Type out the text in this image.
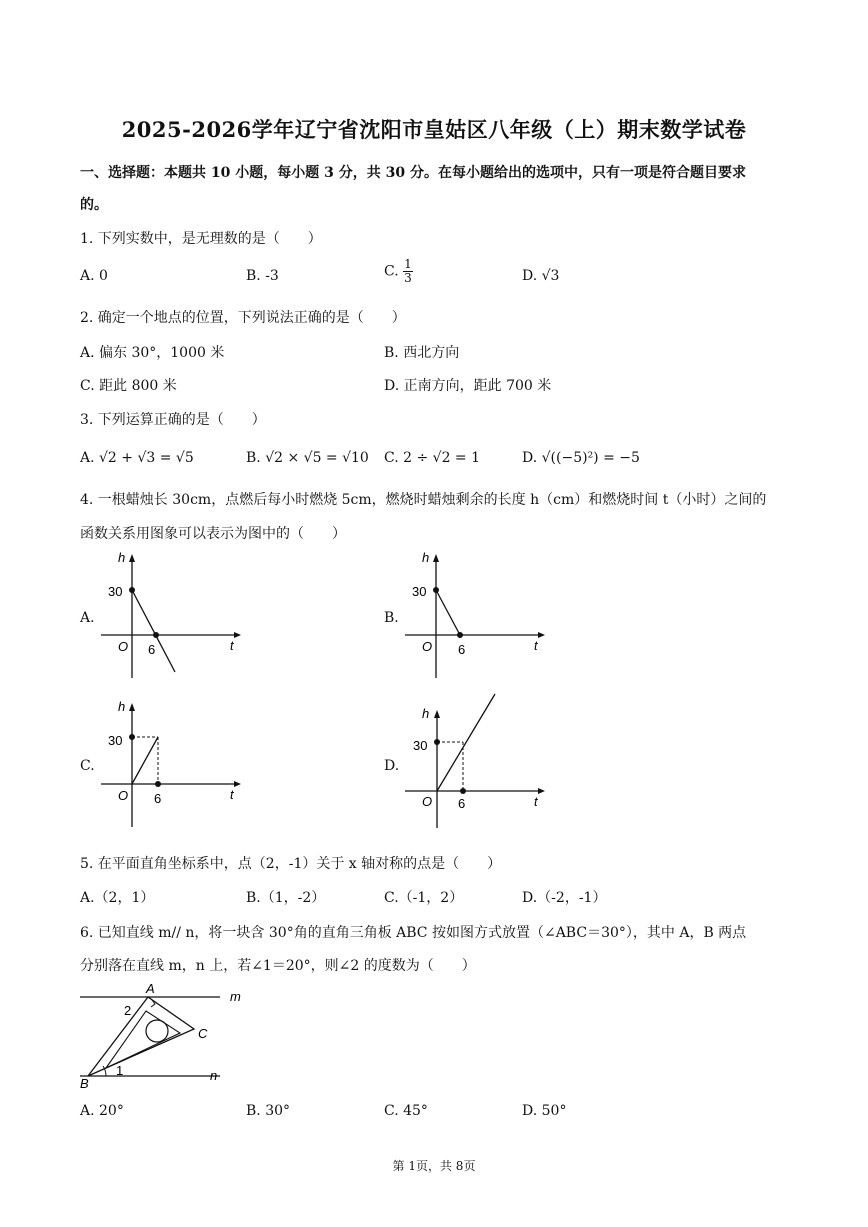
2025-2026学年辽宁省沈阳市皇姑区八年级（上）期末数学试卷
一、选择题：本题共 10 小题，每小题 3 分，共 30 分。在每小题给出的选项中，只有一项是符合题目要求
的。
1. 下列实数中，是无理数的是（　　）
A. 0	B. -3	C. $\frac{1}{3}$	D. √3
2. 确定一个地点的位置，下列说法正确的是（　　）
A. 偏东 30°，1000 米	B. 西北方向
C. 距此 800 米	D. 正南方向，距此 700 米
3. 下列运算正确的是（　　）
A. √2 + √3 = √5	B. √2 × √5 = √10 C. 2 ÷ √2 = 1	D. √((−5)²) = −5
4. 一根蜡烛长 30cm，点燃后每小时燃烧 5cm，燃烧时蜡烛剩余的长度 h（cm）和燃烧时间 t（小时）之间的
函数关系用图象可以表示为图中的（　　）
A.	B.
C.	D.
h
t
O
30
6
h
t
O
30
6
h
t
O
30
6
h
t
O
30
6
5. 在平面直角坐标系中，点（2，-1）关于 x 轴对称的点是（　　）
A.（2，1）	B.（1，-2）	C.（-1，2）	D.（-2，-1）
6. 已知直线 m// n，将一块含 30°角的直角三角板 ABC 按如图方式放置（∠ABC＝30°），其中 A，B 两点
分别落在直线 m，n 上，若∠1＝20°，则∠2 的度数为（　　）
A
m
C
2
1
B
n
A. 20°	B. 30°	C. 45°	D. 50°
第 1页，共 8页
